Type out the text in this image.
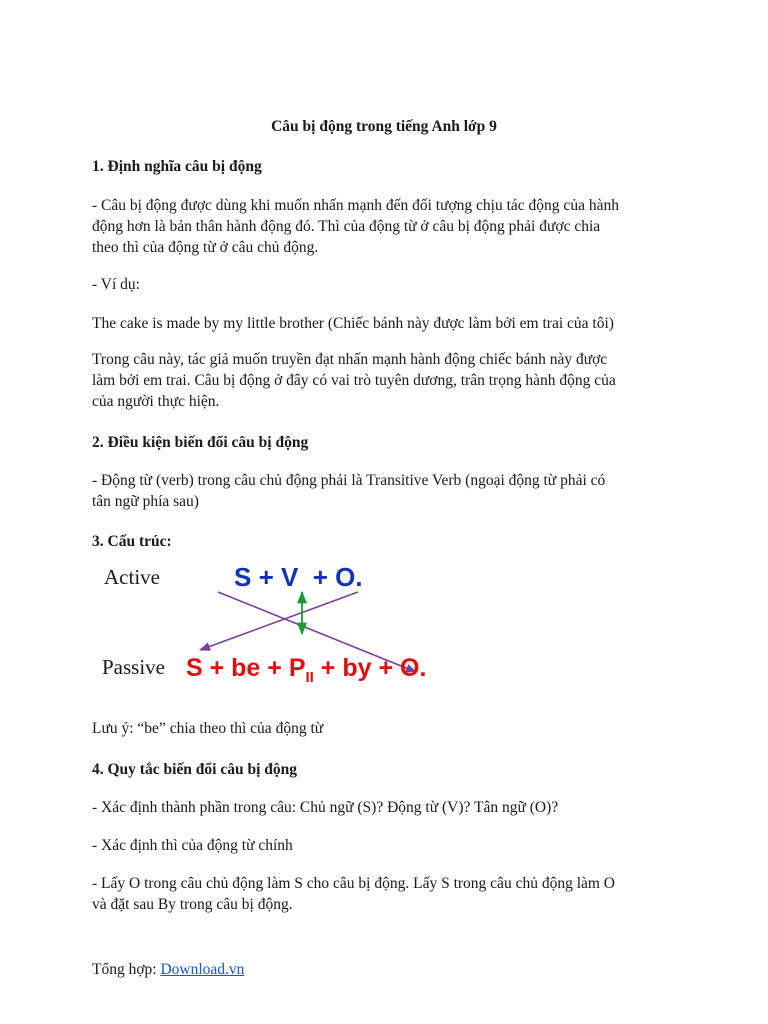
Câu bị động trong tiếng Anh lớp 9
1. Định nghĩa câu bị động
- Câu bị động được dùng khi muốn nhấn mạnh đến đối tượng chịu tác động của hành
động hơn là bản thân hành động đó. Thì của động từ ở câu bị động phải được chia
theo thì của động từ ở câu chủ động.
- Ví dụ:
The cake is made by my little brother (Chiếc bánh này được làm bởi em trai của tôi)
Trong câu này, tác giả muốn truyền đạt nhấn mạnh hành động chiếc bánh này được
làm bởi em trai. Câu bị động ở đây có vai trò tuyên dương, trân trọng hành động của
của người thực hiện.
2. Điều kiện biến đổi câu bị động
- Động từ (verb) trong câu chủ động phải là Transitive Verb (ngoại động từ phải có
tân ngữ phía sau)
3. Cấu trúc:
Active	S + V  + O.
Passive S + be + $P_{II}$ + by + O.
Lưu ý: “be” chia theo thì của động từ
4. Quy tắc biến đổi câu bị động
- Xác định thành phần trong câu: Chủ ngữ (S)? Động từ (V)? Tân ngữ (O)?
- Xác định thì của động từ chính
- Lấy O trong câu chủ động làm S cho câu bị động. Lấy S trong câu chủ động làm O
và đặt sau By trong câu bị động.
Tổng hợp: Download.vn
